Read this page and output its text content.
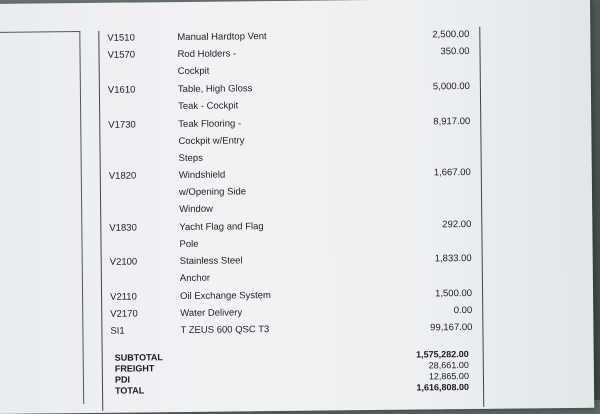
V1510	Manual Hardtop Vent	2,500.00
V1570	Rod Holders -	350.00
Cockpit
V1610	Table, High Gloss	5,000.00
Teak - Cockpit
V1730	Teak Flooring -	8,917.00
Cockpit w/Entry
Steps
V1820	Windshield	1,667.00
w/Opening Side
Window
V1830	Yacht Flag and Flag	292.00
Pole
V2100	Stainless Steel	1,833.00
Anchor
V2110	Oil Exchange System	1,500.00
V2170	Water Delivery	0.00
SI1	T ZEUS 600 QSC T3	99,167.00
SUBTOTAL	1,575,282.00
FREIGHT	28,661.00
PDI	12,865.00
TOTAL	1,616,808.00
